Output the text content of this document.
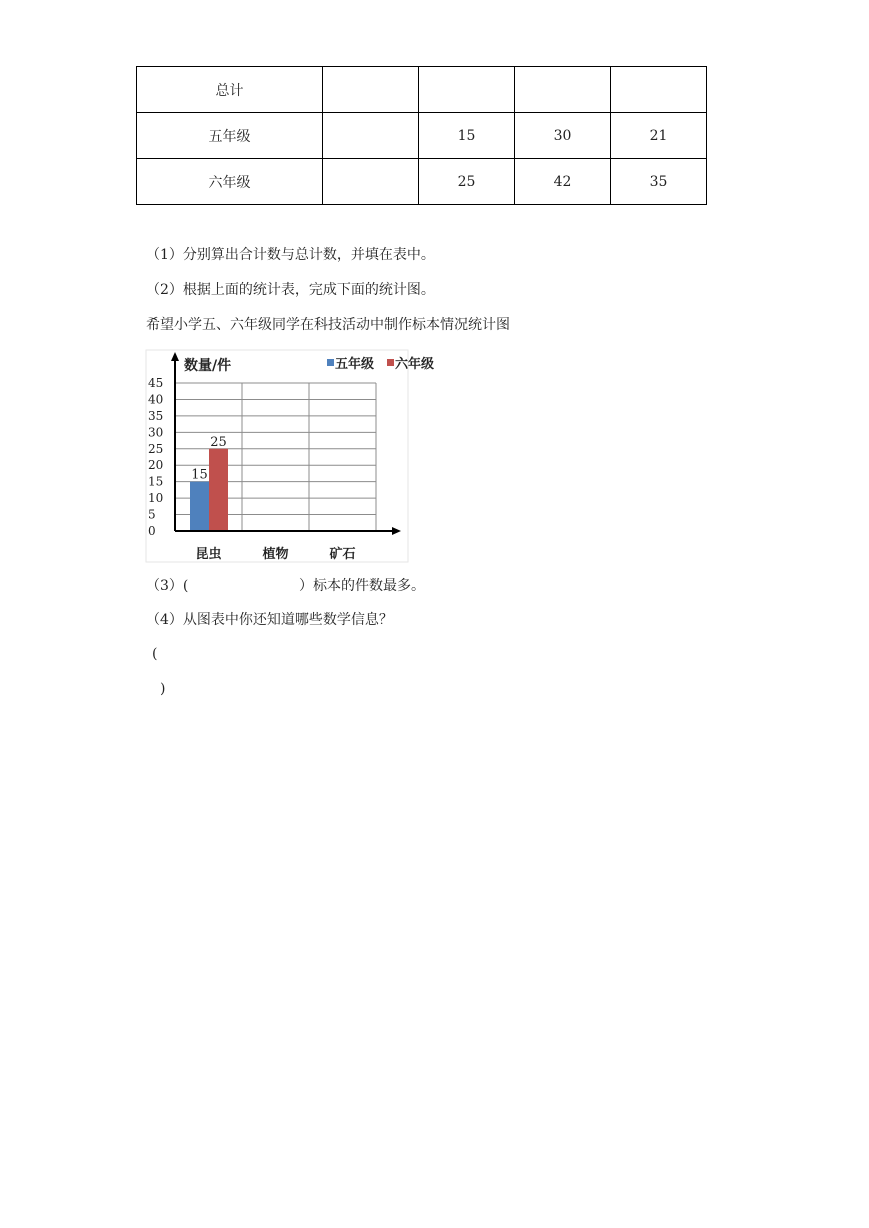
总计				
五年级		15	30	21
六年级		25	42	35
（1）分别算出合计数与总计数，并填在表中。
（2）根据上面的统计表，完成下面的统计图。
希望小学五、六年级同学在科技活动中制作标本情况统计图
15
25
0
5
10
15
20
25
30
35
40
45
昆虫	植物	矿石
五年级 六年级
数量/件
（3）(	）标本的件数最多。
（4）从图表中你还知道哪些数学信息？
(
)
